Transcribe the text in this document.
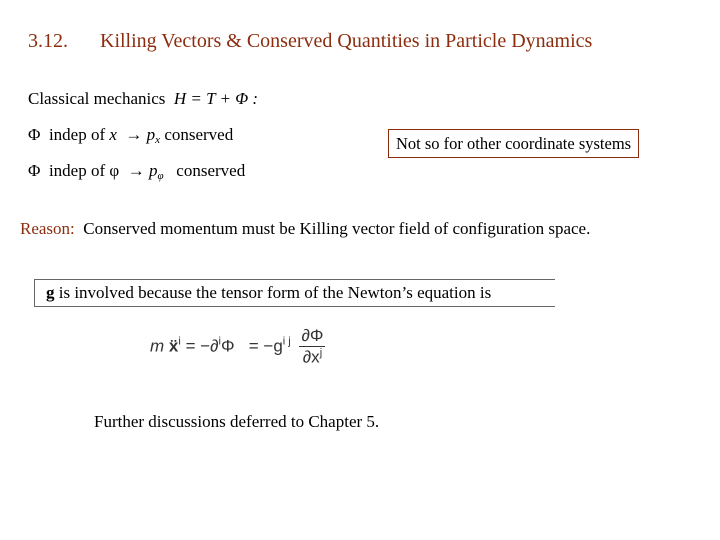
3.12. Killing Vectors & Conserved Quantities in Particle Dynamics
Classical mechanics H = T + Φ :
Φ indep of $x \to p_x$ conserved	Not so for other coordinate systems
Φ indep of $\varphi \to p_\varphi$ conserved
Reason: Conserved momentum must be Killing vector field of configuration space.
g is involved because the tensor form of the Newton’s equation is
m ẍ$^i$ = $-\partial^i\Phi = -g^{i j} \frac{\partial\Phi}{\partial x^j}$
Further discussions deferred to Chapter 5.
